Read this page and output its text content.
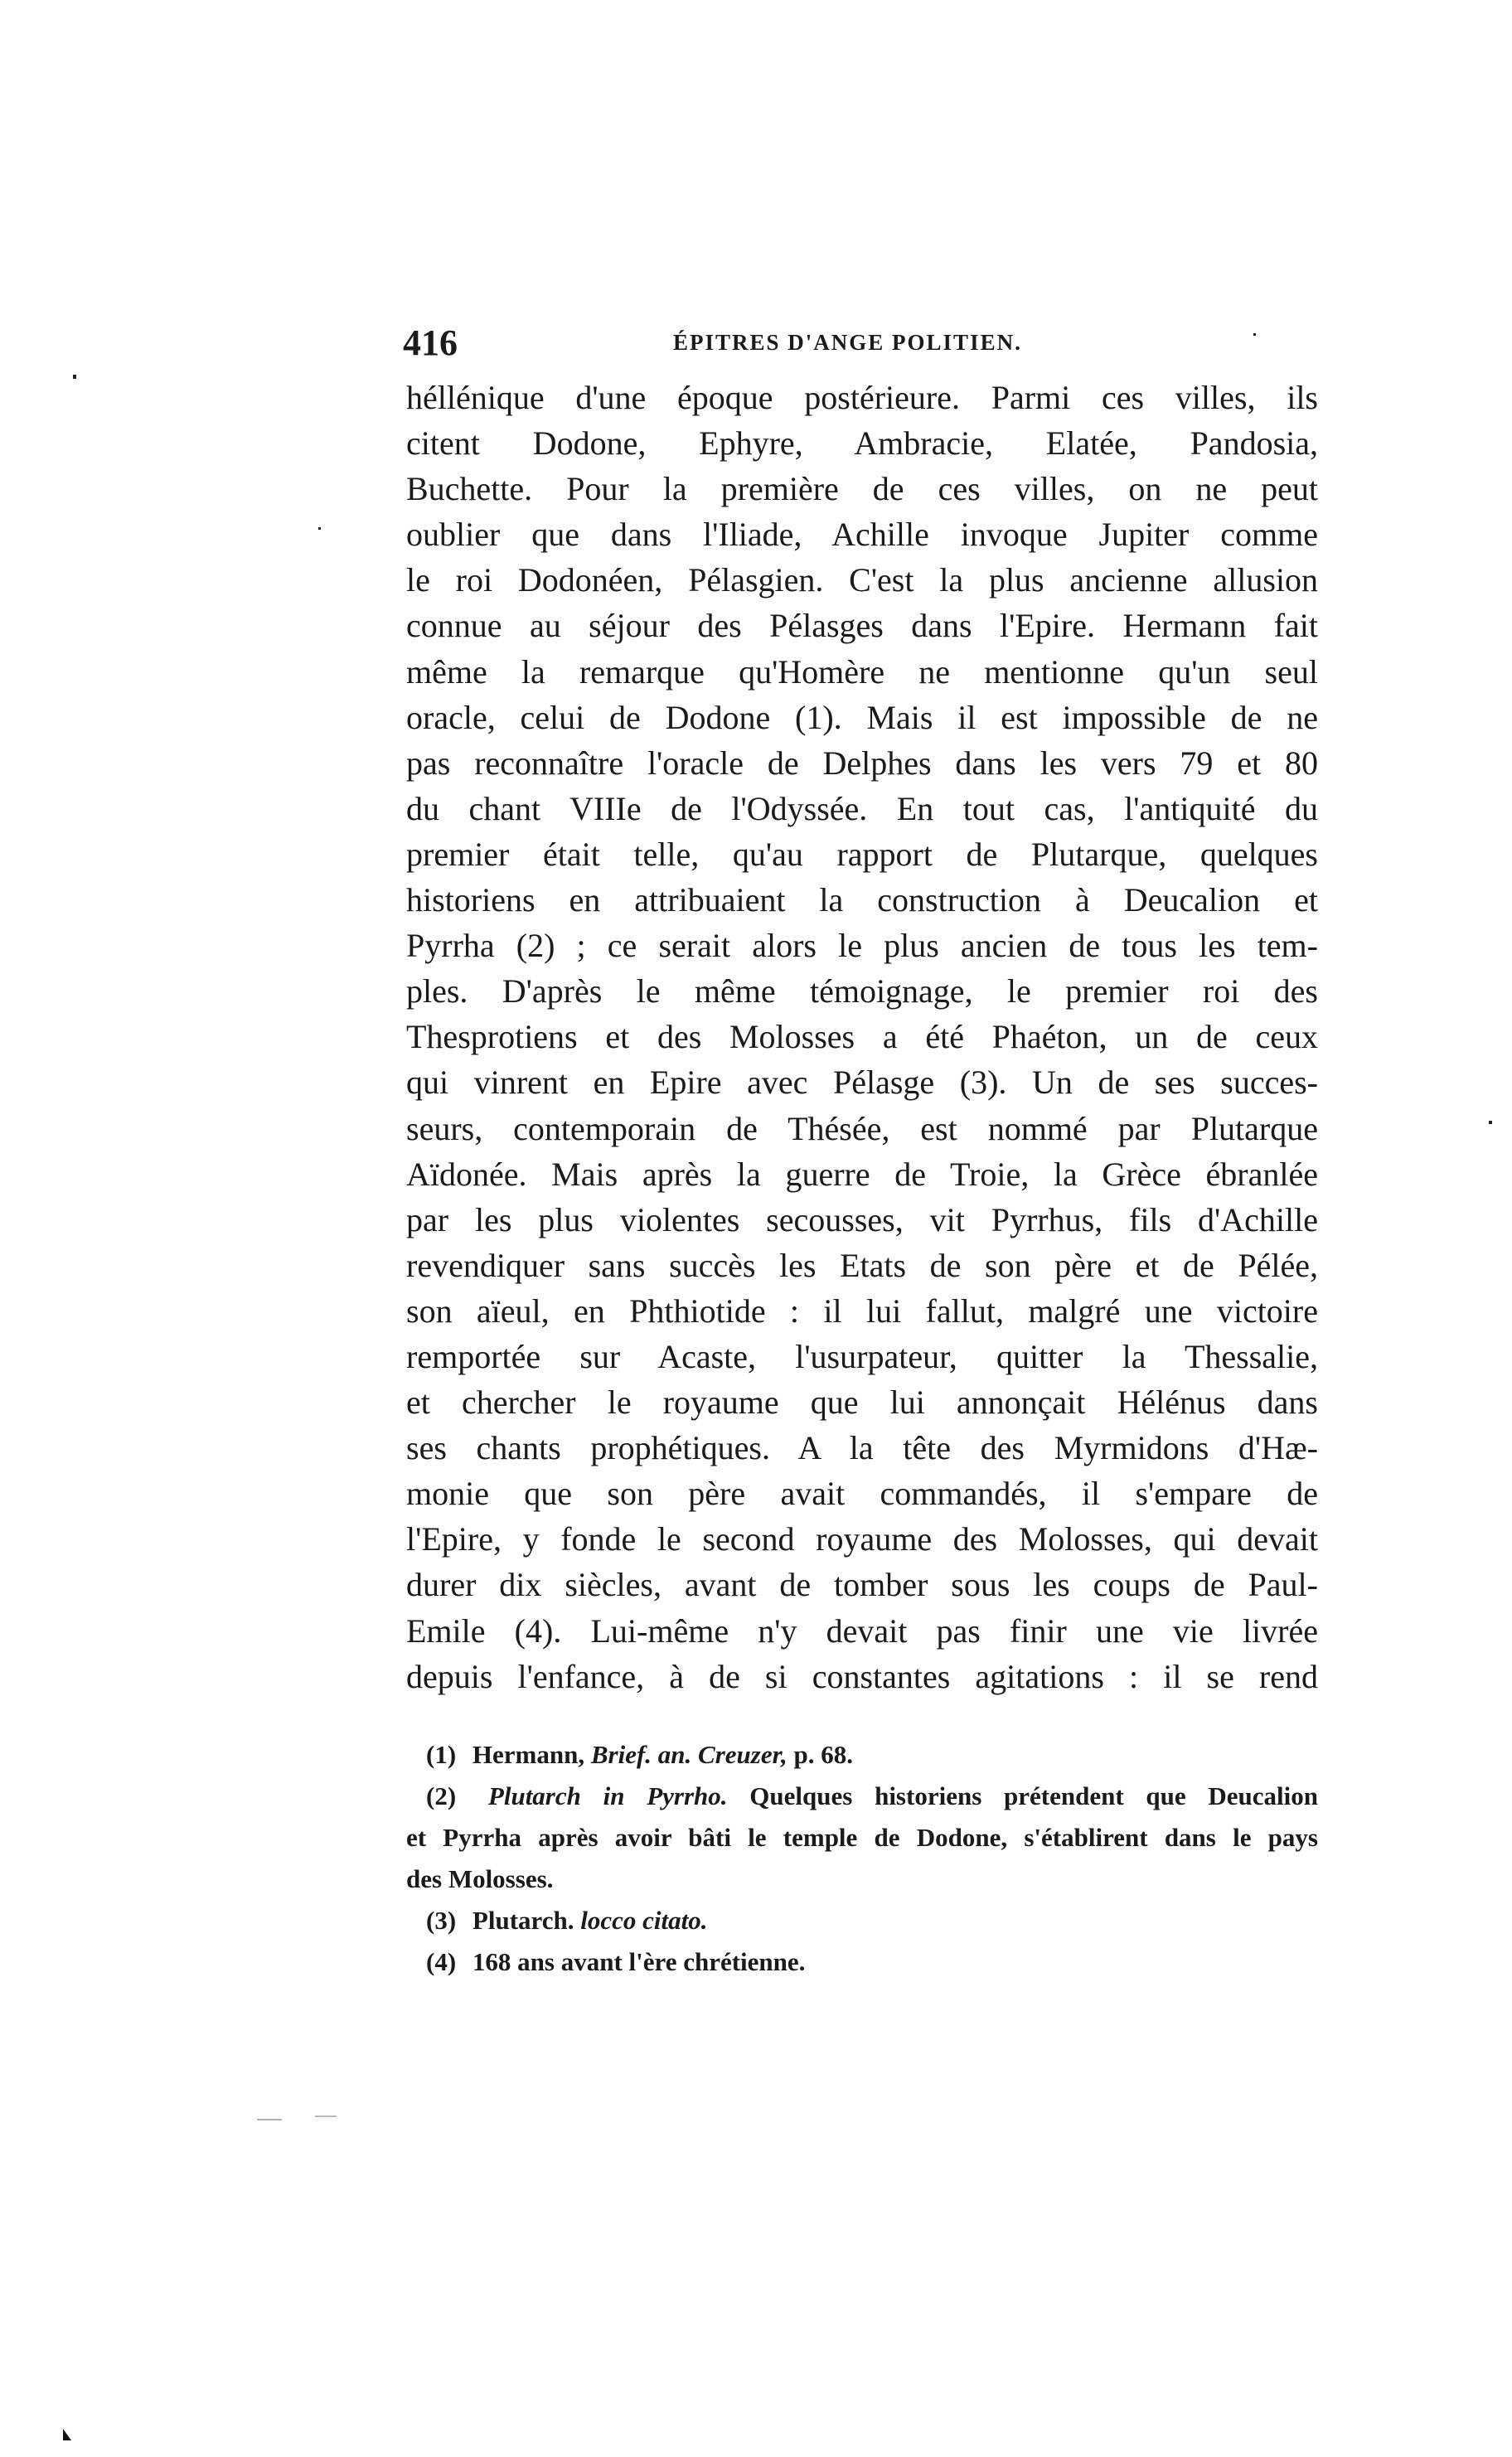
416	ÉPITRES D'ANGE POLITIEN.
héllénique d'une époque postérieure. Parmi ces villes, ils
citent Dodone, Ephyre, Ambracie, Elatée, Pandosia,
Buchette. Pour la première de ces villes, on ne peut
oublier que dans l'Iliade, Achille invoque Jupiter comme
le roi Dodonéen, Pélasgien. C'est la plus ancienne allusion
connue au séjour des Pélasges dans l'Epire. Hermann fait
même la remarque qu'Homère ne mentionne qu'un seul
oracle, celui de Dodone (1). Mais il est impossible de ne
pas reconnaître l'oracle de Delphes dans les vers 79 et 80
du chant VIIIe de l'Odyssée. En tout cas, l'antiquité du
premier était telle, qu'au rapport de Plutarque, quelques
historiens en attribuaient la construction à Deucalion et
Pyrrha (2) ; ce serait alors le plus ancien de tous les tem-
ples. D'après le même témoignage, le premier roi des
Thesprotiens et des Molosses a été Phaéton, un de ceux
qui vinrent en Epire avec Pélasge (3). Un de ses succes-
seurs, contemporain de Thésée, est nommé par Plutarque
Aïdonée. Mais après la guerre de Troie, la Grèce ébranlée
par les plus violentes secousses, vit Pyrrhus, fils d'Achille
revendiquer sans succès les Etats de son père et de Pélée,
son aïeul, en Phthiotide : il lui fallut, malgré une victoire
remportée sur Acaste, l'usurpateur, quitter la Thessalie,
et chercher le royaume que lui annonçait Hélénus dans
ses chants prophétiques. A la tête des Myrmidons d'Hæ-
monie que son père avait commandés, il s'empare de
l'Epire, y fonde le second royaume des Molosses, qui devait
durer dix siècles, avant de tomber sous les coups de Paul-
Emile (4). Lui-même n'y devait pas finir une vie livrée
depuis l'enfance, à de si constantes agitations : il se rend
(1) Hermann, Brief. an. Creuzer, p. 68.
(2) Plutarch in Pyrrho. Quelques historiens prétendent que Deucalion
et Pyrrha après avoir bâti le temple de Dodone, s'établirent dans le pays
des Molosses.
(3) Plutarch. locco citato.
(4) 168 ans avant l'ère chrétienne.
